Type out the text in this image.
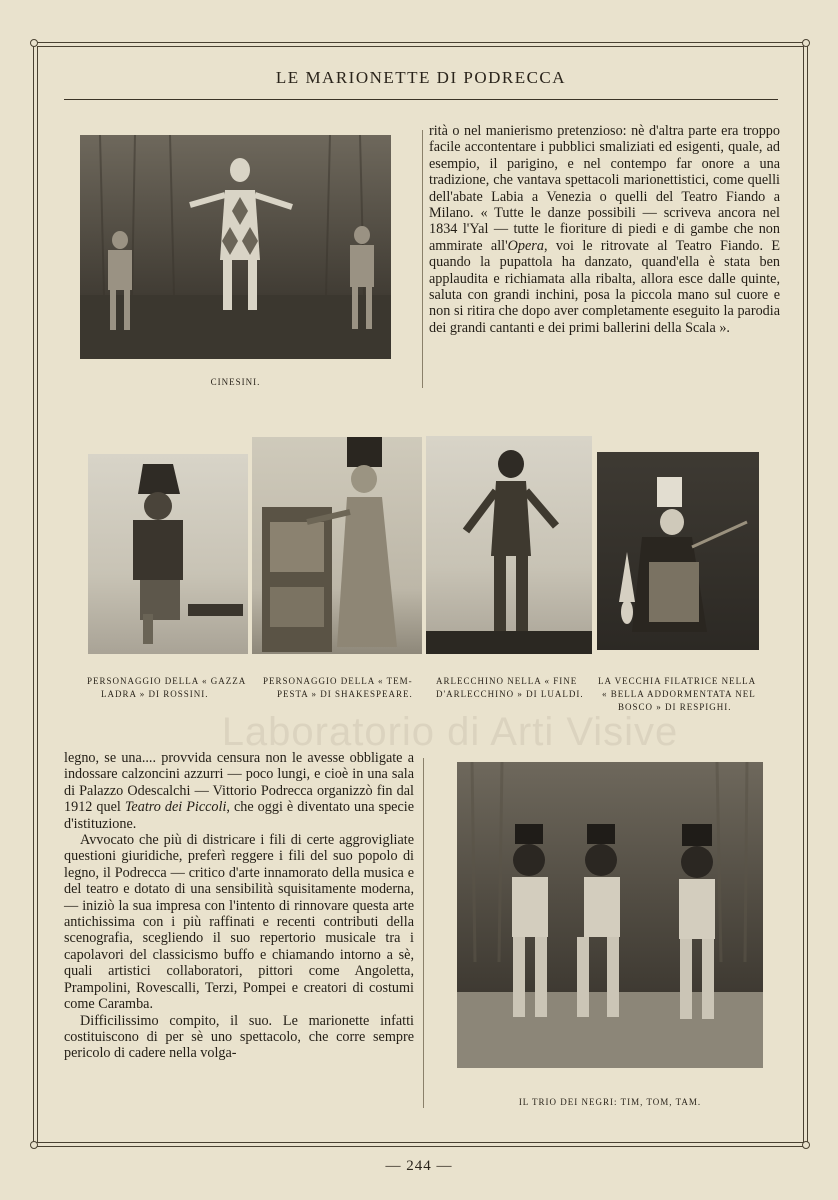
Laboratorio di Arti Visive
LE MARIONETTE DI PODRECCA
CINESINI.

rità o nel manierismo pretenzioso: nè d'altra parte era troppo facile accontentare i pubblici smaliziati ed esigenti, quale, ad esempio, il parigino, e nel contempo far onore a una tradizione, che vantava spettacoli marionettistici, come quelli dell'abate Labia a Venezia o quelli del Teatro Fiando a Milano. « Tutte le danze possibili — scriveva ancora nel 1834 l'Yal — tutte le fioriture di piedi e di gambe che non ammirate all'Opera, voi le ritrovate al Teatro Fiando. E quando la pupattola ha danzato, quand'ella è stata ben applaudita e richiamata alla ribalta, allora esce dalle quinte, saluta con grandi inchini, posa la piccola mano sul cuore e non si ritira che dopo aver completamente eseguito la parodia dei grandi cantanti e dei primi ballerini della Scala ».

PERSONAGGIO DELLA « GAZZA
LADRA » DI ROSSINI.
PERSONAGGIO DELLA « TEM-
PESTA » DI SHAKESPEARE.
ARLECCHINO NELLA « FINE
D'ARLECCHINO » DI LUALDI.
LA VECCHIA FILATRICE NELLA
« BELLA ADDORMENTATA NEL
BOSCO » DI RESPIGHI.

legno, se una.... provvida censura non le avesse obbligate a indossare calzoncini azzurri — poco lungi, e cioè in una sala di Palazzo Odescalchi — Vittorio Podrecca organizzò fin dal 1912 quel Teatro dei Piccoli, che oggi è diventato una specie d'istituzione.

Avvocato che più di districare i fili di certe aggrovigliate questioni giuridiche, preferì reggere i fili del suo popolo di legno, il Podrecca — critico d'arte innamorato della musica e del teatro e dotato di una sensibilità squisitamente moderna, — iniziò la sua impresa con l'intento di rinnovare questa arte antichissima con i più raffinati e recenti contributi della scenografia, scegliendo il suo repertorio musicale tra i capolavori del classicismo buffo e chiamando intorno a sè, quali artistici collaboratori, pittori come Angoletta, Prampolini, Rovescalli, Terzi, Pompei e creatori di costumi come Caramba.

Difficilissimo compito, il suo. Le marionette infatti costituiscono di per sè uno spettacolo, che corre sempre pericolo di cadere nella volga-

IL TRIO DEI NEGRI: TIM, TOM, TAM.
— 244 —
